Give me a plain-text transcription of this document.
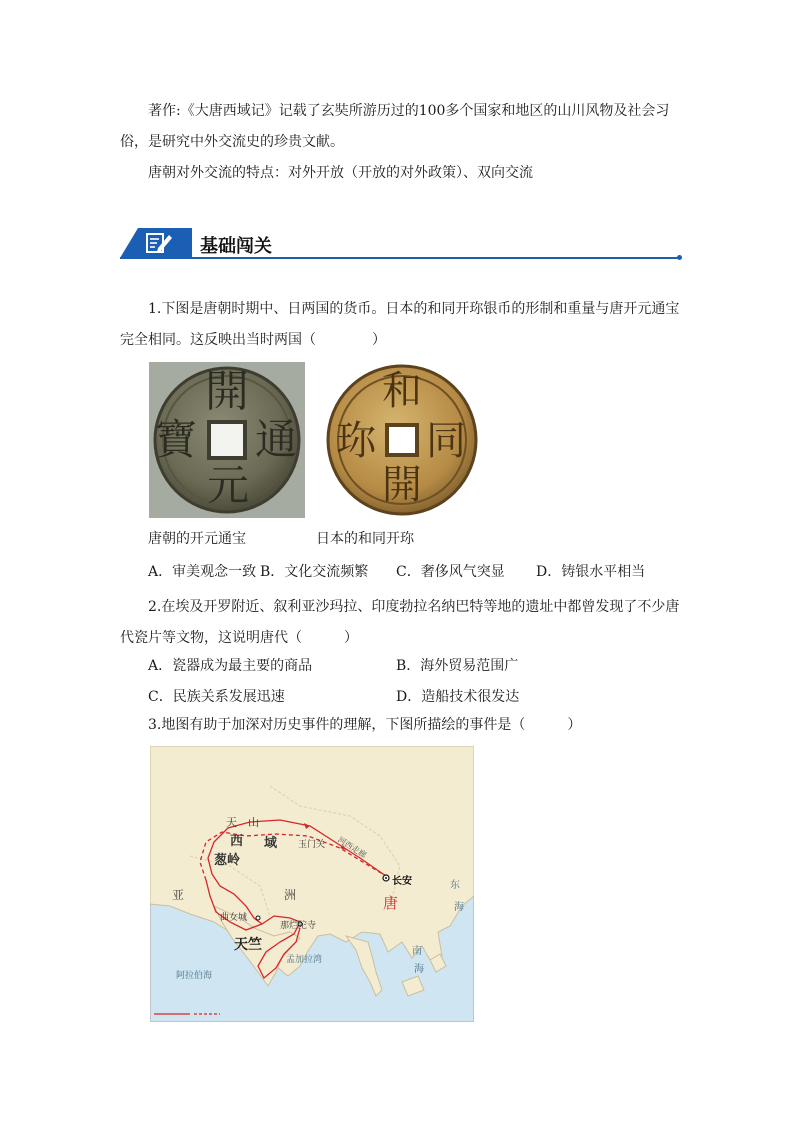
著作:《大唐西域记》记载了玄奘所游历过的100多个国家和地区的山川风物及社会习

俗，是研究中外交流史的珍贵文献。

唐朝对外交流的特点：对外开放（开放的对外政策）、双向交流

基础闯关

1.下图是唐朝时期中、日两国的货币。日本的和同开珎银币的形制和重量与唐开元通宝

完全相同。这反映出当时两国（　　　　）

開
元
寶 通
和
開
珎 同
唐朝的开元通宝	日本的和同开珎
A．审美观念一致 B．文化交流频繁 C．奢侈风气突显 D．铸银水平相当

2.在埃及开罗附近、叙利亚沙玛拉、印度勃拉名纳巴特等地的遗址中都曾发现了不少唐

代瓷片等文物，这说明唐代（　　　）

A．瓷器成为最主要的商品	B．海外贸易范围广
C．民族关系发展迅速	D．造船技术很发达

3.地图有助于加深对历史事件的理解，下图所描绘的事件是（　　　）

天　山
西 域 玉门关 河西走廊
葱岭
长安
唐
亚	洲
曲女城
那烂陀寺
天竺
阿拉伯海
孟加拉湾
东
海
南
海
